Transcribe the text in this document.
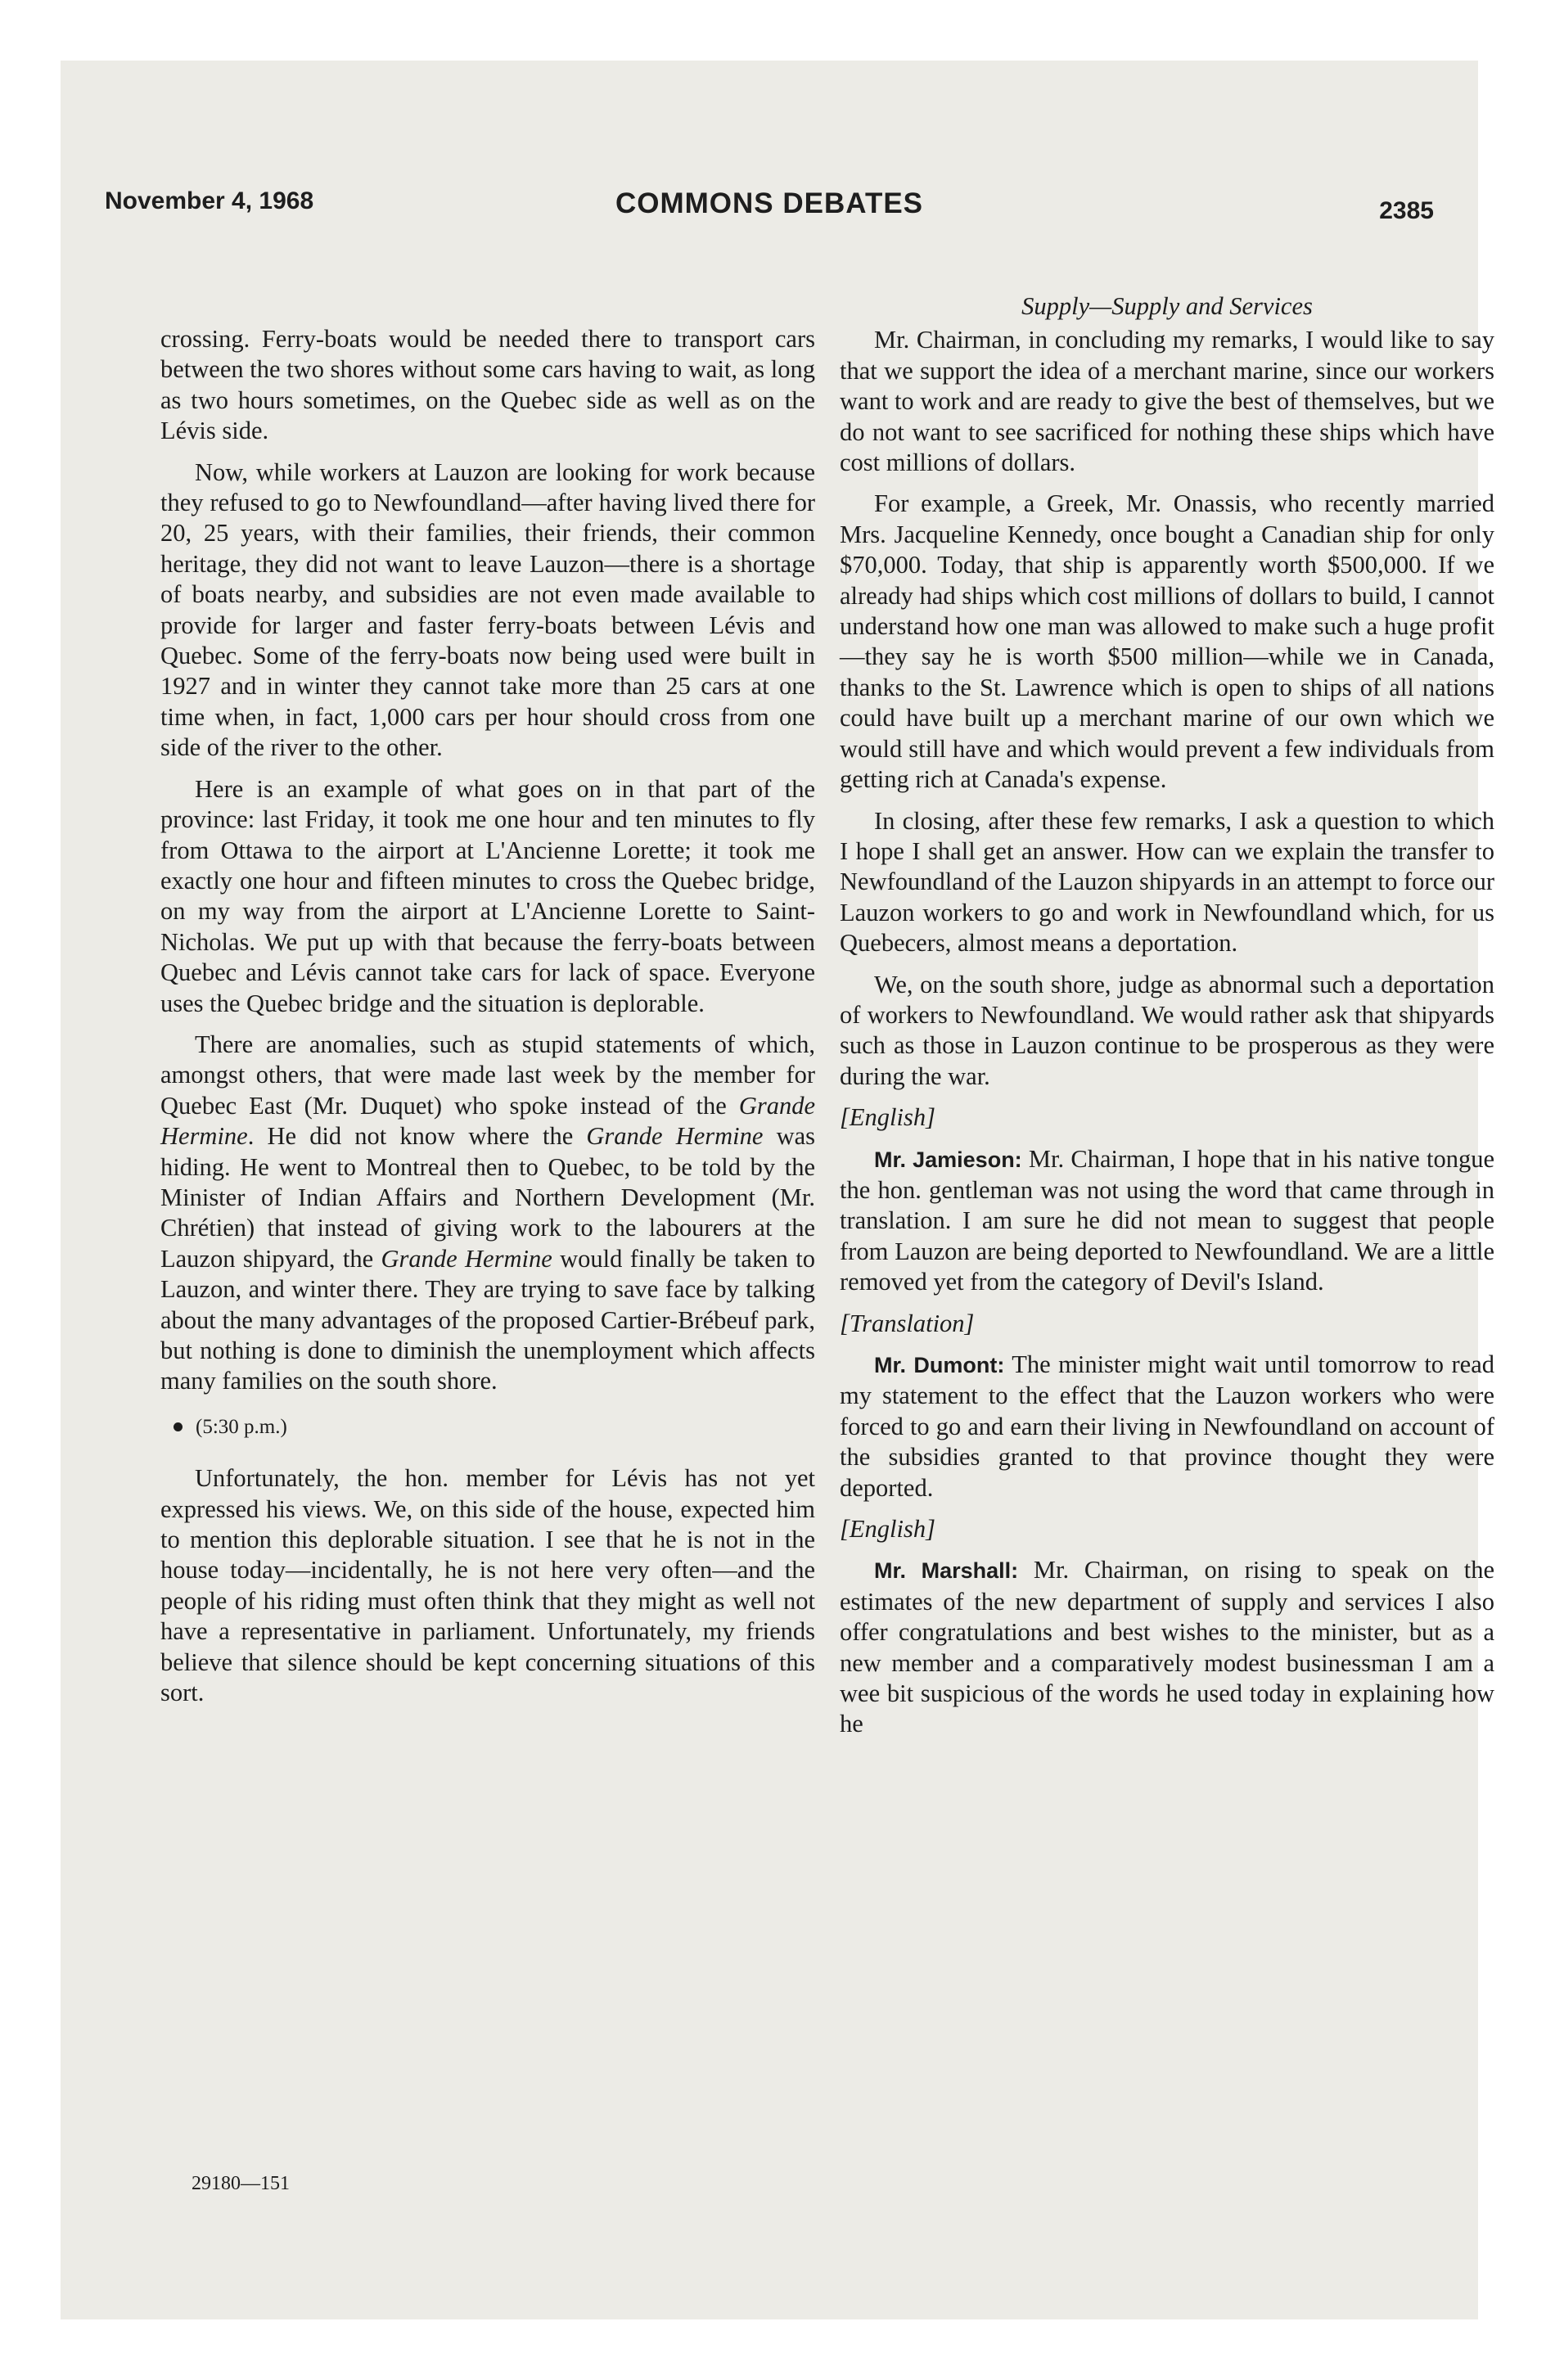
November 4, 1968	COMMONS DEBATES	2385

crossing. Ferry-boats would be needed there to transport cars between the two shores without some cars having to wait, as long as two hours sometimes, on the Quebec side as well as on the Lévis side.

Now, while workers at Lauzon are looking for work because they refused to go to Newfoundland—after having lived there for 20, 25 years, with their families, their friends, their common heritage, they did not want to leave Lauzon—there is a shortage of boats nearby, and subsidies are not even made available to provide for larger and faster ferry-boats between Lévis and Quebec. Some of the ferry-boats now being used were built in 1927 and in winter they cannot take more than 25 cars at one time when, in fact, 1,000 cars per hour should cross from one side of the river to the other.

Here is an example of what goes on in that part of the province: last Friday, it took me one hour and ten minutes to fly from Ottawa to the airport at L'Ancienne Lorette; it took me exactly one hour and fifteen minutes to cross the Quebec bridge, on my way from the airport at L'Ancienne Lorette to Saint-Nicholas. We put up with that because the ferry-boats between Quebec and Lévis cannot take cars for lack of space. Everyone uses the Quebec bridge and the situation is deplorable.

There are anomalies, such as stupid statements of which, amongst others, that were made last week by the member for Quebec East (Mr. Duquet) who spoke instead of the Grande Hermine. He did not know where the Grande Hermine was hiding. He went to Montreal then to Quebec, to be told by the Minister of Indian Affairs and Northern Development (Mr. Chrétien) that instead of giving work to the labourers at the Lauzon shipyard, the Grande Hermine would finally be taken to Lauzon, and winter there. They are trying to save face by talking about the many advantages of the proposed Cartier-Brébeuf park, but nothing is done to diminish the unemployment which affects many families on the south shore.

(5:30 p.m.)

Unfortunately, the hon. member for Lévis has not yet expressed his views. We, on this side of the house, expected him to mention this deplorable situation. I see that he is not in the house today—incidentally, he is not here very often—and the people of his riding must often think that they might as well not have a representative in parliament. Unfortunately, my friends believe that silence should be kept concerning situations of this sort.

29180—151

Supply—Supply and Services

Mr. Chairman, in concluding my remarks, I would like to say that we support the idea of a merchant marine, since our workers want to work and are ready to give the best of themselves, but we do not want to see sacrificed for nothing these ships which have cost millions of dollars.

For example, a Greek, Mr. Onassis, who recently married Mrs. Jacqueline Kennedy, once bought a Canadian ship for only $70,000. Today, that ship is apparently worth $500,000. If we already had ships which cost millions of dollars to build, I cannot understand how one man was allowed to make such a huge profit—they say he is worth $500 million—while we in Canada, thanks to the St. Lawrence which is open to ships of all nations could have built up a merchant marine of our own which we would still have and which would prevent a few individuals from getting rich at Canada's expense.

In closing, after these few remarks, I ask a question to which I hope I shall get an answer. How can we explain the transfer to Newfoundland of the Lauzon shipyards in an attempt to force our Lauzon workers to go and work in Newfoundland which, for us Quebecers, almost means a deportation.

We, on the south shore, judge as abnormal such a deportation of workers to Newfoundland. We would rather ask that shipyards such as those in Lauzon continue to be prosperous as they were during the war.

[English]

Mr. Jamieson: Mr. Chairman, I hope that in his native tongue the hon. gentleman was not using the word that came through in translation. I am sure he did not mean to suggest that people from Lauzon are being deported to Newfoundland. We are a little removed yet from the category of Devil's Island.

[Translation]

Mr. Dumont: The minister might wait until tomorrow to read my statement to the effect that the Lauzon workers who were forced to go and earn their living in Newfoundland on account of the subsidies granted to that province thought they were deported.

[English]

Mr. Marshall: Mr. Chairman, on rising to speak on the estimates of the new department of supply and services I also offer congratulations and best wishes to the minister, but as a new member and a comparatively modest businessman I am a wee bit suspicious of the words he used today in explaining how he
